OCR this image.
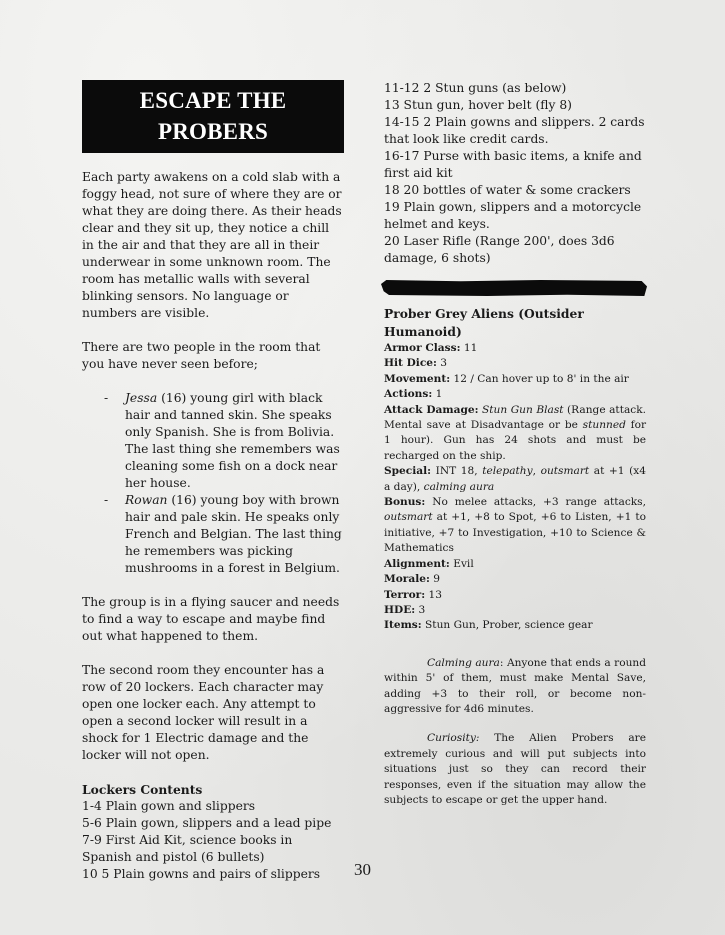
ESCAPE THE PROBERS

Each party awakens on a cold slab with a foggy head, not sure of where they are or what they are doing there. As their heads clear and they sit up, they notice a chill in the air and that they are all in their underwear in some unknown room. The room has metallic walls with several blinking sensors. No language or numbers are visible.

There are two people in the room that you have never seen before;

- Jessa (16) young girl with black hair and tanned skin. She speaks only Spanish. She is from Bolivia. The last thing she remembers was cleaning some fish on a dock near her house.
- Rowan (16) young boy with brown hair and pale skin. He speaks only French and Belgian. The last thing he remembers was picking mushrooms in a forest in Belgium.

The group is in a flying saucer and needs to find a way to escape and maybe find out what happened to them.

The second room they encounter has a row of 20 lockers. Each character may open one locker each. Any attempt to open a second locker will result in a shock for 1 Electric damage and the locker will not open.

Lockers Contents
1-4 Plain gown and slippers
5-6 Plain gown, slippers and a lead pipe
7-9 First Aid Kit, science books in Spanish and pistol (6 bullets)
10 5 Plain gowns and pairs of slippers
11-12 2 Stun guns (as below)
13 Stun gun, hover belt (fly 8)
14-15 2 Plain gowns and slippers. 2 cards that look like credit cards.
16-17 Purse with basic items, a knife and first aid kit
18 20 bottles of water & some crackers
19 Plain gown, slippers and a motorcycle helmet and keys.
20 Laser Rifle (Range 200', does 3d6 damage, 6 shots)
Prober Grey Aliens (Outsider Humanoid)
Armor Class: 11
Hit Dice: 3
Movement: 12 / Can hover up to 8' in the air
Actions: 1
Attack Damage: Stun Gun Blast (Range attack. Mental save at Disadvantage or be stunned for 1 hour). Gun has 24 shots and must be recharged on the ship.
Special: INT 18, telepathy, outsmart at +1 (x4 a day), calming aura
Bonus: No melee attacks, +3 range attacks, outsmart at +1, +8 to Spot, +6 to Listen, +1 to initiative, +7 to Investigation, +10 to Science & Mathematics
Alignment: Evil
Morale: 9
Terror: 13
HDE: 3
Items: Stun Gun, Prober, science gear

Calming aura: Anyone that ends a round within 5' of them, must make Mental Save, adding +3 to their roll, or become non-aggressive for 4d6 minutes.

Curiosity: The Alien Probers are extremely curious and will put subjects into situations just so they can record their responses, even if the situation may allow the subjects to escape or get the upper hand.

30
